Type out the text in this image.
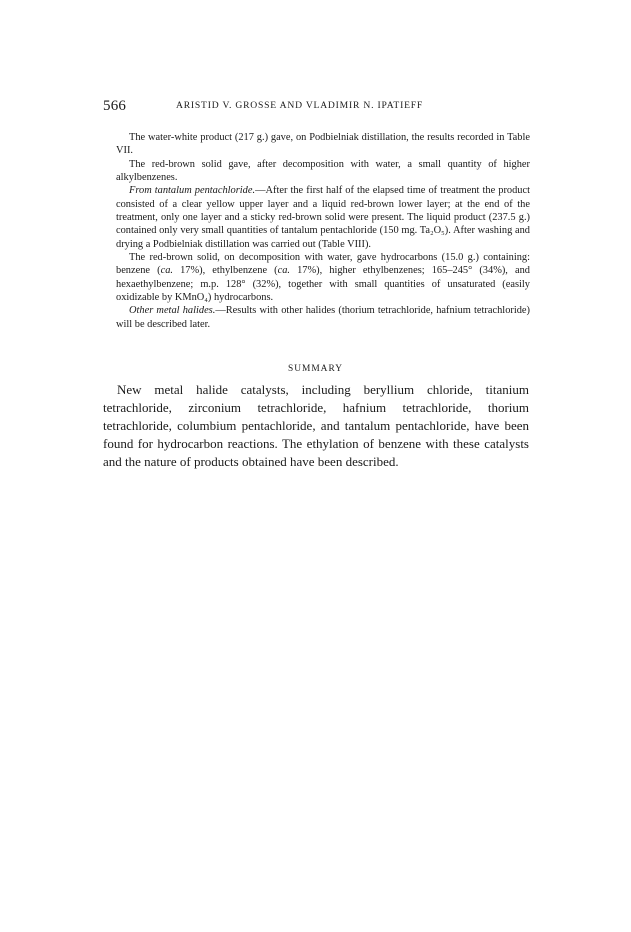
566	ARISTID V. GROSSE AND VLADIMIR N. IPATIEFF

The water-white product (217 g.) gave, on Podbielniak distillation, the results recorded in Table VII.

The red-brown solid gave, after decomposition with water, a small quantity of higher alkylbenzenes.

From tantalum pentachloride.—After the first half of the elapsed time of treatment the product consisted of a clear yellow upper layer and a liquid red-brown lower layer; at the end of the treatment, only one layer and a sticky red-brown solid were present. The liquid product (237.5 g.) contained only very small quantities of tantalum pentachloride (150 mg. Ta₂O₅). After washing and drying a Podbielniak distillation was carried out (Table VIII).

The red-brown solid, on decomposition with water, gave hydrocarbons (15.0 g.) containing: benzene (ca. 17%), ethylbenzene (ca. 17%), higher ethylbenzenes; 165–245° (34%), and hexaethylbenzene; m.p. 128° (32%), together with small quantities of unsaturated (easily oxidizable by KMnO₄) hydrocarbons.

Other metal halides.—Results with other halides (thorium tetrachloride, hafnium tetrachloride) will be described later.

SUMMARY

New metal halide catalysts, including beryllium chloride, titanium tetrachloride, zirconium tetrachloride, hafnium tetrachloride, thorium tetrachloride, columbium pentachloride, and tantalum pentachloride, have been found for hydrocarbon reactions. The ethylation of benzene with these catalysts and the nature of products obtained have been described.
